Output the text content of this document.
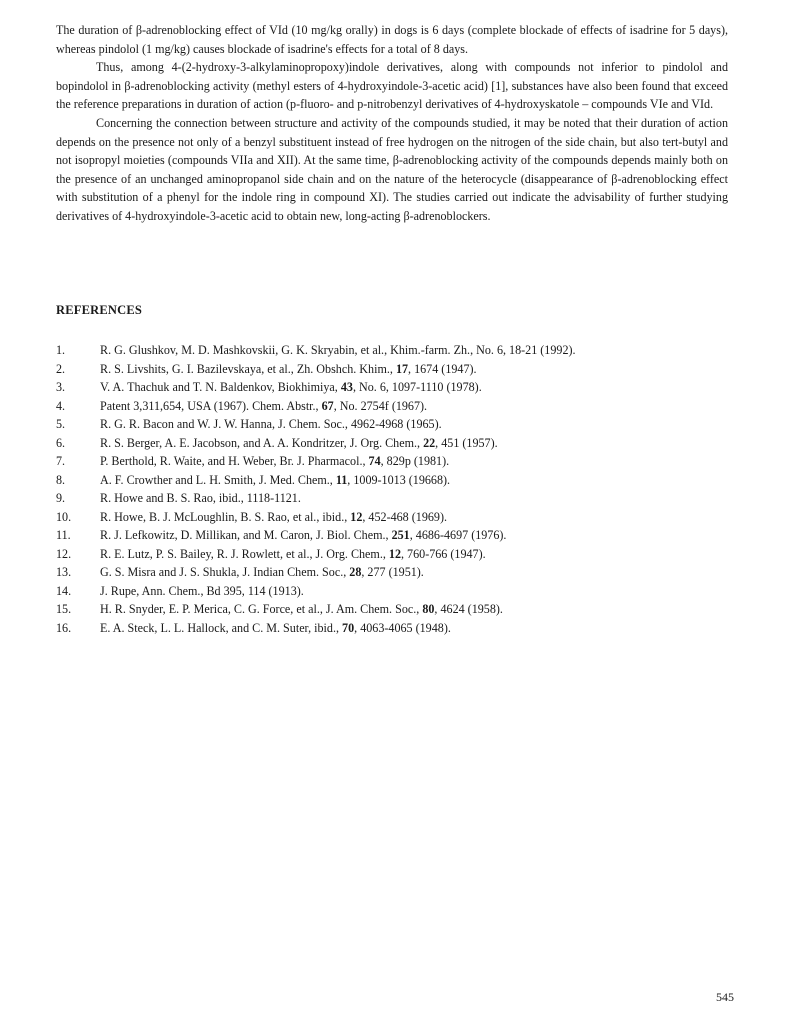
The duration of β-adrenoblocking effect of VId (10 mg/kg orally) in dogs is 6 days (complete blockade of effects of isadrine for 5 days), whereas pindolol (1 mg/kg) causes blockade of isadrine's effects for a total of 8 days.

Thus, among 4-(2-hydroxy-3-alkylaminopropoxy)indole derivatives, along with compounds not inferior to pindolol and bopindolol in β-adrenoblocking activity (methyl esters of 4-hydroxyindole-3-acetic acid) [1], substances have also been found that exceed the reference preparations in duration of action (p-fluoro- and p-nitrobenzyl derivatives of 4-hydroxyskatole – compounds VIe and VId.

Concerning the connection between structure and activity of the compounds studied, it may be noted that their duration of action depends on the presence not only of a benzyl substituent instead of free hydrogen on the nitrogen of the side chain, but also tert-butyl and not isopropyl moieties (compounds VIIa and XII). At the same time, β-adrenoblocking activity of the compounds depends mainly both on the presence of an unchanged aminopropanol side chain and on the nature of the heterocycle (disappearance of β-adrenoblocking effect with substitution of a phenyl for the indole ring in compound XI). The studies carried out indicate the advisability of further studying derivatives of 4-hydroxyindole-3-acetic acid to obtain new, long-acting β-adrenoblockers.

REFERENCES
1.	R. G. Glushkov, M. D. Mashkovskii, G. K. Skryabin, et al., Khim.-farm. Zh., No. 6, 18-21 (1992).
2.	R. S. Livshits, G. I. Bazilevskaya, et al., Zh. Obshch. Khim., 17, 1674 (1947).
3.	V. A. Thachuk and T. N. Baldenkov, Biokhimiya, 43, No. 6, 1097-1110 (1978).
4.	Patent 3,311,654, USA (1967). Chem. Abstr., 67, No. 2754f (1967).
5.	R. G. R. Bacon and W. J. W. Hanna, J. Chem. Soc., 4962-4968 (1965).
6.	R. S. Berger, A. E. Jacobson, and A. A. Kondritzer, J. Org. Chem., 22, 451 (1957).
7.	P. Berthold, R. Waite, and H. Weber, Br. J. Pharmacol., 74, 829p (1981).
8.	A. F. Crowther and L. H. Smith, J. Med. Chem., 11, 1009-1013 (19668).
9.	R. Howe and B. S. Rao, ibid., 1118-1121.
10.	R. Howe, B. J. McLoughlin, B. S. Rao, et al., ibid., 12, 452-468 (1969).
11.	R. J. Lefkowitz, D. Millikan, and M. Caron, J. Biol. Chem., 251, 4686-4697 (1976).
12.	R. E. Lutz, P. S. Bailey, R. J. Rowlett, et al., J. Org. Chem., 12, 760-766 (1947).
13.	G. S. Misra and J. S. Shukla, J. Indian Chem. Soc., 28, 277 (1951).
14.	J. Rupe, Ann. Chem., Bd 395, 114 (1913).
15.	H. R. Snyder, E. P. Merica, C. G. Force, et al., J. Am. Chem. Soc., 80, 4624 (1958).
16.	E. A. Steck, L. L. Hallock, and C. M. Suter, ibid., 70, 4063-4065 (1948).
545
